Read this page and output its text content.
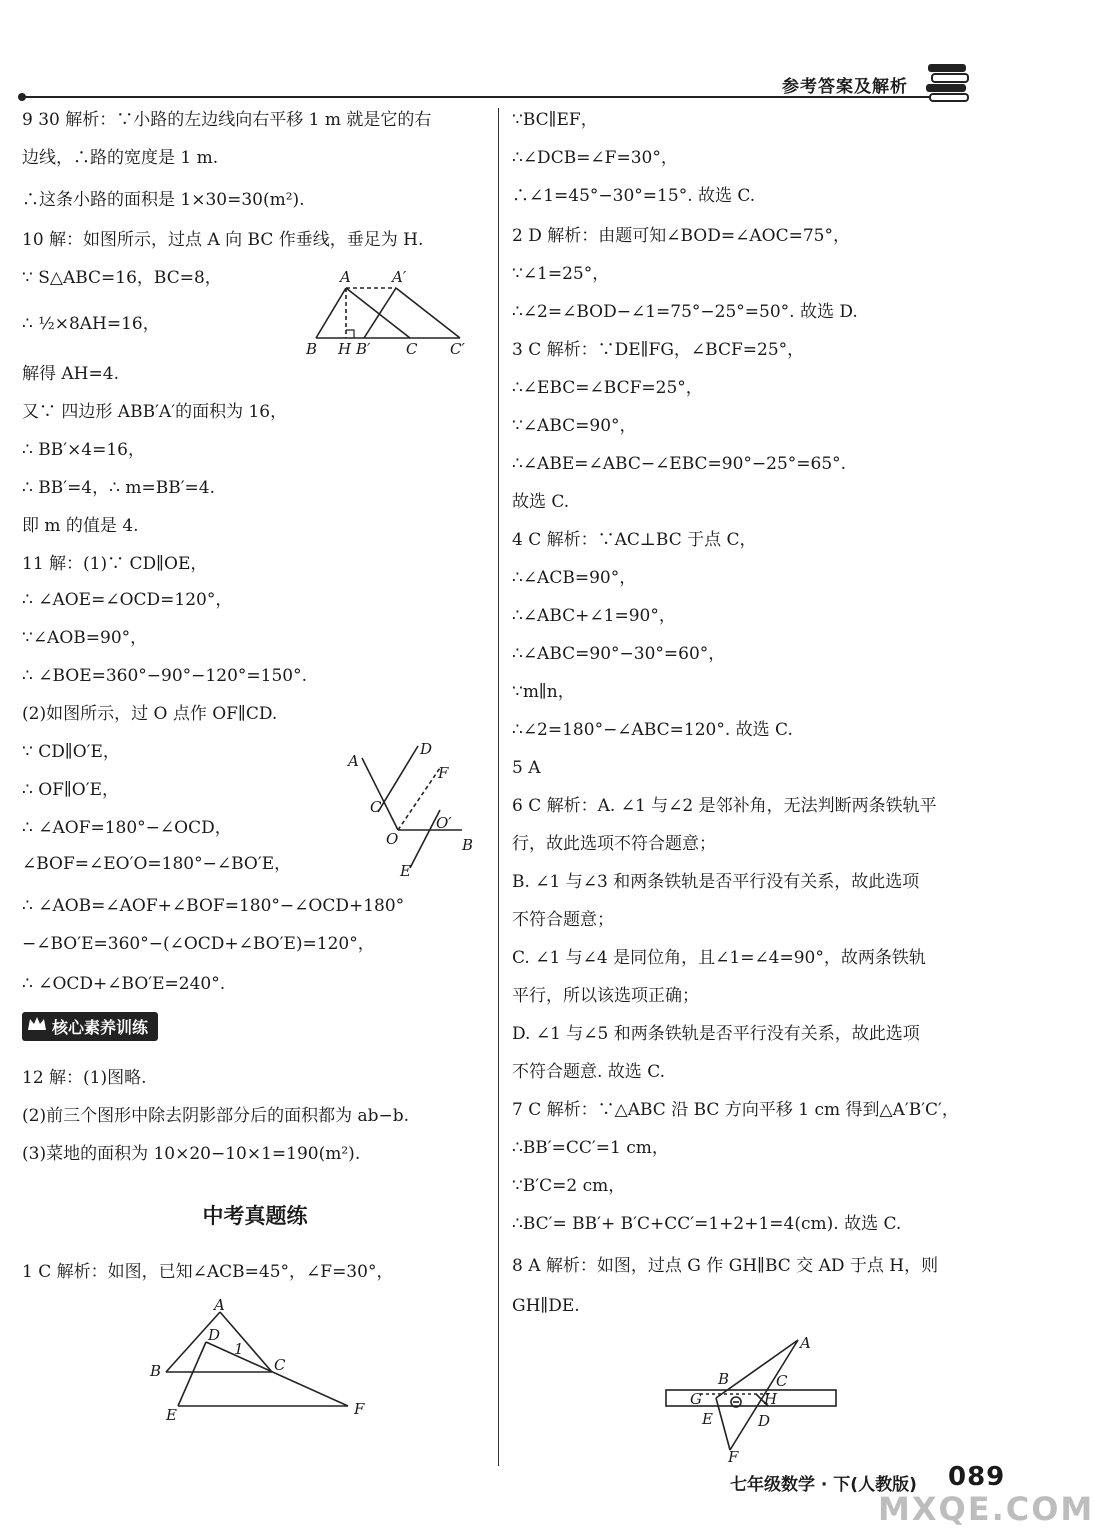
参考答案及解析
9 30 解析：∵小路的左边线向右平移 1 m 就是它的右
边线，∴路的宽度是 1 m.
∴这条小路的面积是 1×30=30(m²).
10 解：如图所示，过点 A 向 BC 作垂线，垂足为 H.
∵ S△ABC=16，BC=8，
∴ ½×8AH=16，
解得 AH=4.
又∵ 四边形 ABB′A′的面积为 16，
∴ BB′×4=16，
∴ BB′=4，∴ m=BB′=4.
即 m 的值是 4.
11 解：(1)∵ CD∥OE，
∴ ∠AOE=∠OCD=120°，
∵∠AOB=90°，
∴ ∠BOE=360°−90°−120°=150°.
(2)如图所示，过 O 点作 OF∥CD.
∵ CD∥O′E，
∴ OF∥O′E，
∴ ∠AOF=180°−∠OCD，
∠BOF=∠EO′O=180°−∠BO′E，
∴ ∠AOB=∠AOF+∠BOF=180°−∠OCD+180°
−∠BO′E=360°−(∠OCD+∠BO′E)=120°，
∴ ∠OCD+∠BO′E=240°.
12 解：(1)图略.
(2)前三个图形中除去阴影部分后的面积都为 ab−b.
(3)菜地的面积为 10×20−10×1=190(m²).
1 C 解析：如图，已知∠ACB=45°，∠F=30°，
∵BC∥EF，
∴∠DCB=∠F=30°，
∴∠1=45°−30°=15°. 故选 C.
2 D 解析：由题可知∠BOD=∠AOC=75°，
∵∠1=25°，
∴∠2=∠BOD−∠1=75°−25°=50°. 故选 D.
3 C 解析：∵DE∥FG，∠BCF=25°，
∴∠EBC=∠BCF=25°，
∵∠ABC=90°，
∴∠ABE=∠ABC−∠EBC=90°−25°=65°.
故选 C.
4 C 解析：∵AC⊥BC 于点 C，
∴∠ACB=90°，
∴∠ABC+∠1=90°，
∴∠ABC=90°−30°=60°，
∵m∥n，
∴∠2=180°−∠ABC=120°. 故选 C.
5 A
6 C 解析：A. ∠1 与∠2 是邻补角，无法判断两条铁轨平
行，故此选项不符合题意；
B. ∠1 与∠3 和两条铁轨是否平行没有关系，故此选项
不符合题意；
C. ∠1 与∠4 是同位角，且∠1=∠4=90°，故两条铁轨
平行，所以该选项正确；
D. ∠1 与∠5 和两条铁轨是否平行没有关系，故此选项
不符合题意. 故选 C.
7 C 解析：∵△ABC 沿 BC 方向平移 1 cm 得到△A′B′C′，
∴BB′=CC′=1 cm，
∵B′C=2 cm，
∴BC′= BB′+ B′C+CC′=1+2+1=4(cm). 故选 C.
8 A 解析：如图，过点 G 作 GH∥BC 交 AD 于点 H，则
GH∥DE.
核心素养训练
中考真题练
A	A′
B H B′ C C′
A
D
F
C
O
O′
B
E
A
D
1
B	C
E	F
A
B	C
G	H
E	D
F
七年级数学 · 下(人教版) 089
MXQE.COM
